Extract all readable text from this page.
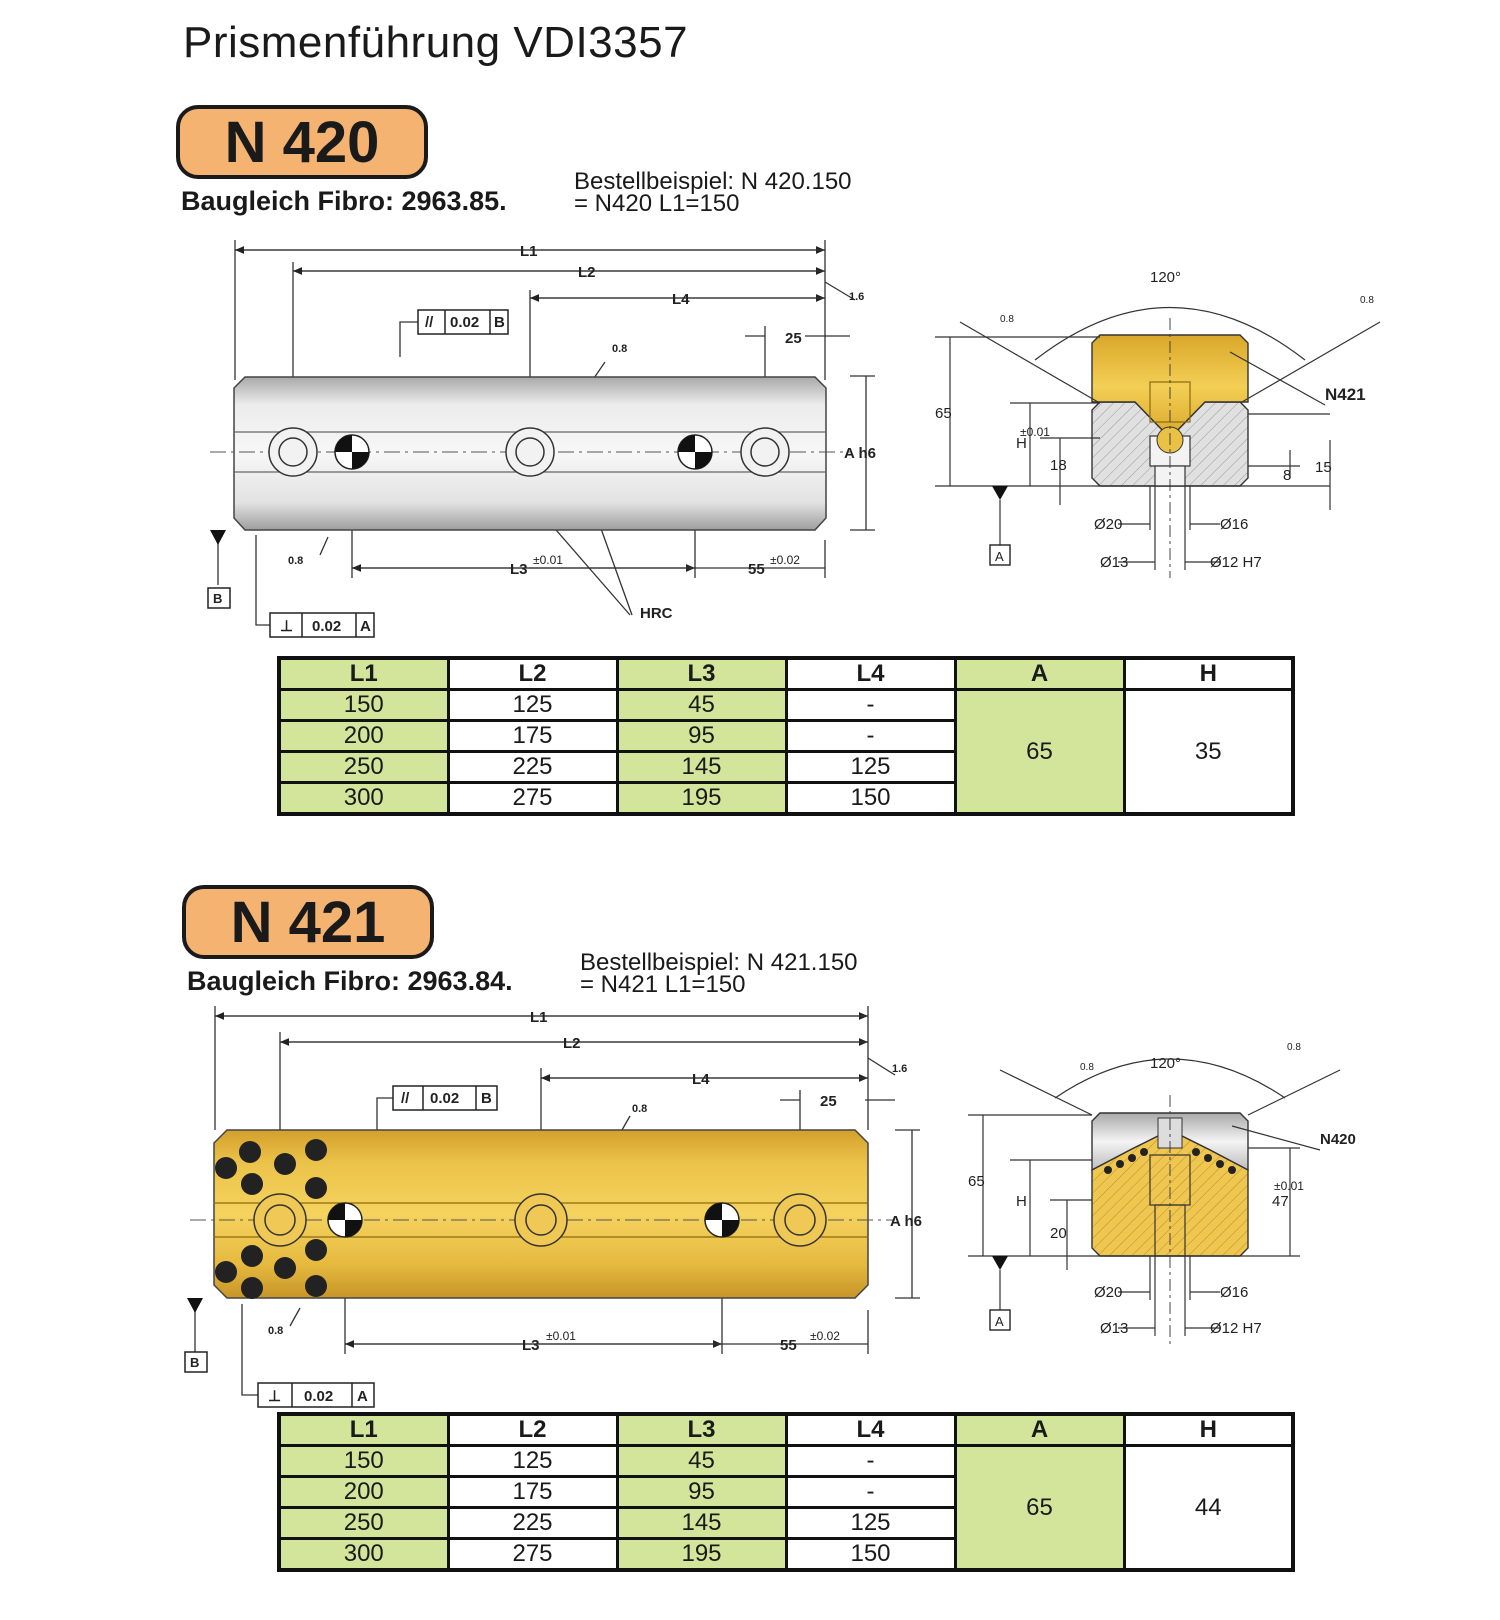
Prismenführung VDI3357
N 420
Baugleich Fibro: 2963.85.
Bestellbeispiel: N 420.150
= N420 L1=150
L1
L2
L4
25
1.6
0.8
0.8
// 0.02 B
⊥ 0.02 A
B
A h6
L3
±0.01
55
±0.02
HRC
120°
0.8
0.8
N421
65
H
±0.01
18
8 15
Ø20	Ø16
Ø13	Ø12 H7
A
L1	L2	L3	L4	A	H
150	125	45	-	65	35
200	175	95	-		
250	225	145	125		
300	275	195	150		
N 421
Baugleich Fibro: 2963.84.
Bestellbeispiel: N 421.150
= N421 L1=150
L1
L2
L4
25
1.6
0.8
0.8
// 0.02 B
⊥ 0.02 A
B
A h6
L3
±0.01
55
±0.02
120°
0.8
0.8
N420
65
H
±0.01
47
20
Ø20	Ø16
Ø13	Ø12 H7
A
L1	L2	L3	L4	A	H
150	125	45	-	65	44
200	175	95	-		
250	225	145	125		
300	275	195	150		
